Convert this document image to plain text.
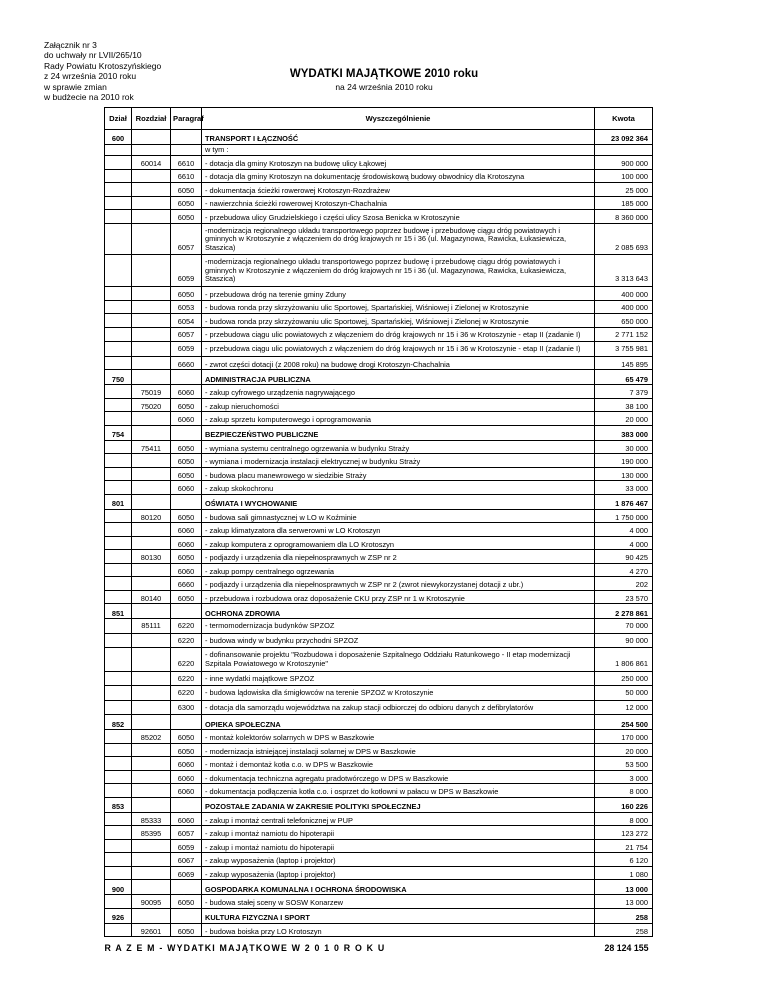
Załącznik nr 3
do uchwały nr LVII/265/10
Rady Powiatu Krotoszyńskiego
z 24 września 2010 roku
w sprawie zmian
w budżecie na 2010 rok
WYDATKI MAJĄTKOWE 2010 roku
na 24 września 2010 roku
Dział	Rozdział	Paragraf	Wyszczególnienie	Kwota
600			TRANSPORT I ŁĄCZNOŚĆ	23 092 364
			w tym :	
	60014	6610	- dotacja dla gminy Krotoszyn na budowę ulicy Łąkowej	900 000
		6610	- dotacja dla gminy Krotoszyn na dokumentację środowiskową budowy obwodnicy dla Krotoszyna	100 000
		6050	- dokumentacja ścieżki rowerowej Krotoszyn-Rozdrażew	25 000
		6050	- nawierzchnia ścieżki rowerowej Krotoszyn-Chachalnia	185 000
		6050	- przebudowa ulicy Grudzielskiego i części ulicy Szosa Benicka w Krotoszynie	8 360 000
		6057	-modernizacja regionalnego układu transportowego poprzez budowę i przebudowę ciągu dróg powiatowych i gminnych w Krotoszynie z włączeniem do dróg krajowych nr 15 i 36 (ul. Magazynowa, Rawicka, Łukasiewicza, Staszica)	2 085 693
		6059	-modernizacja regionalnego układu transportowego poprzez budowę i przebudowę ciągu dróg powiatowych i gminnych w Krotoszynie z włączeniem do dróg krajowych nr 15 i 36 (ul. Magazynowa, Rawicka, Łukasiewicza, Staszica)	3 313 643
		6050	- przebudowa dróg na terenie gminy Zduny	400 000
		6053	- budowa ronda przy skrzyżowaniu ulic Sportowej, Spartańskiej, Wiśniowej i Zielonej w Krotoszynie	400 000
		6054	- budowa ronda przy skrzyżowaniu ulic Sportowej, Spartańskiej, Wiśniowej i Zielonej w Krotoszynie	650 000
		6057	- przebudowa ciągu ulic powiatowych z włączeniem do dróg krajowych nr 15 i 36 w Krotoszynie - etap II (zadanie I)	2 771 152
		6059	- przebudowa ciągu ulic powiatowych z włączeniem do dróg krajowych nr 15 i 36 w Krotoszynie - etap II (zadanie I)	3 755 981
		6660	- zwrot części dotacji (z 2008 roku) na budowę drogi Krotoszyn-Chachalnia	145 895
750			ADMINISTRACJA PUBLICZNA	65 479
	75019	6060	- zakup cyfrowego urządzenia nagrywającego	7 379
	75020	6050	- zakup nieruchomości	38 100
		6060	- zakup sprzetu komputerowego i oprogramowania	20 000
754			BEZPIECZEŃSTWO PUBLICZNE	383 000
	75411	6050	- wymiana systemu centralnego ogrzewania w budynku Straży	30 000
		6050	- wymiana i modernizacja instalacji elektrycznej w budynku Straży	190 000
		6050	- budowa placu manewrowego w siedzibie Straży	130 000
		6060	- zakup skokochronu	33 000
801			OŚWIATA I WYCHOWANIE	1 876 467
	80120	6050	- budowa sali gimnastycznej w LO w Koźminie	1 750 000
		6060	- zakup klimatyzatora dla serwerowni w LO Krotoszyn	4 000
		6060	- zakup komputera z oprogramowaniem dla LO Krotoszyn	4 000
	80130	6050	- podjazdy i urządzenia dla niepełnosprawnych w ZSP nr 2	90 425
		6060	- zakup pompy centralnego ogrzewania	4 270
		6660	- podjazdy i urządzenia dla niepełnosprawnych w ZSP nr 2 (zwrot niewykorzystanej dotacji z ubr.)	202
	80140	6050	- przebudowa i rozbudowa oraz doposażenie CKU przy ZSP nr 1 w Krotoszynie	23 570
851			OCHRONA ZDROWIA	2 278 861
	85111	6220	- termomodernizacja budynków SPZOZ	70 000
		6220	- budowa windy w budynku przychodni SPZOZ	90 000
		6220	- dofinansowanie projektu "Rozbudowa i doposażenie Szpitalnego Oddziału Ratunkowego - II etap modernizacji Szpitala Powiatowego w Krotoszynie"	1 806 861
		6220	- inne wydatki majątkowe SPZOZ	250 000
		6220	- budowa lądowiska dla śmigłowców na terenie SPZOZ w Krotoszynie	50 000
		6300	- dotacja dla samorządu województwa na zakup stacji odbiorczej do odbioru danych z defibrylatorów	12 000
852			OPIEKA SPOŁECZNA	254 500
	85202	6050	- montaż kolektorów solarnych w DPS w Baszkowie	170 000
		6050	- modernizacja istniejącej instalacji solarnej w DPS w Baszkowie	20 000
		6060	- montaż i demontaż kotła c.o. w DPS w Baszkowie	53 500
		6060	- dokumentacja techniczna agregatu pradotwórczego w DPS w Baszkowie	3 000
		6060	- dokumentacja podłączenia kotła c.o. i osprzet do kotłowni w pałacu w DPS w Baszkowie	8 000
853			POZOSTAŁE ZADANIA W ZAKRESIE POLITYKI SPOŁECZNEJ	160 226
	85333	6060	- zakup i montaż centrali telefonicznej w PUP	8 000
	85395	6057	- zakup i montaż namiotu do hipoterapii	123 272
		6059	- zakup i montaż namiotu do hipoterapii	21 754
		6067	- zakup wyposażenia (laptop i projektor)	6 120
		6069	- zakup wyposażenia (laptop i projektor)	1 080
900			GOSPODARKA KOMUNALNA I OCHRONA ŚRODOWISKA	13 000
	90095	6050	- budowa stałej sceny w SOSW Konarzew	13 000
926			KULTURA FIZYCZNA I SPORT	258
	92601	6050	- budowa boiska przy LO Krotoszyn	258
R A Z E M - WYDATKI MAJĄTKOWE W 2 0 1 0 R O K U				28 124 155
